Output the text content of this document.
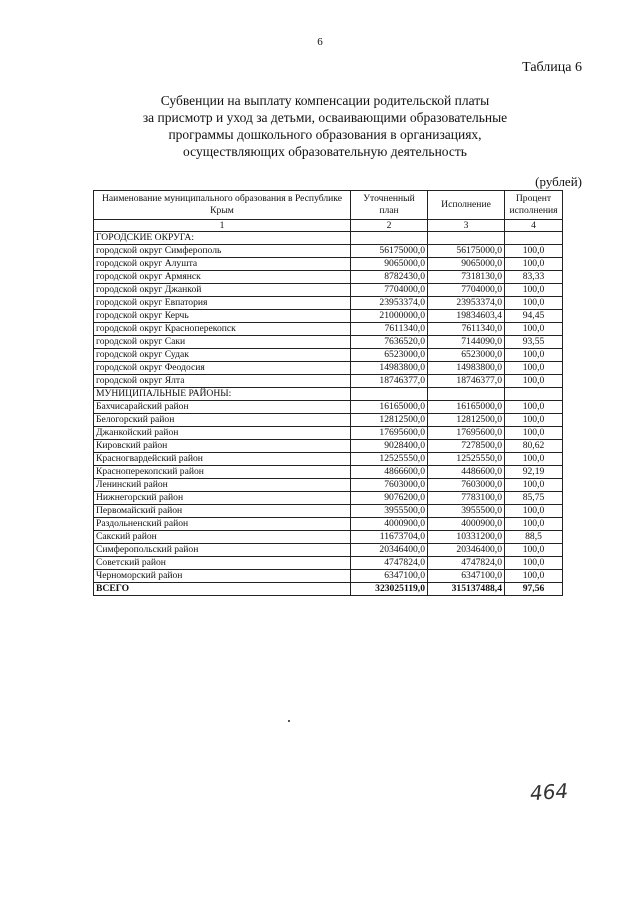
6
Таблица 6
Субвенции на выплату компенсации родительской платы
за присмотр и уход за детьми, осваивающими образовательные
программы дошкольного образования в организациях,
осуществляющих образовательную деятельность
(рублей)
Наименование муниципального образования в Республике Крым	Уточненный план	Исполнение	Процент исполнения
1	2	3	4
ГОРОДСКИЕ ОКРУГА:			
городской округ Симферополь	56175000,0	56175000,0	100,0
городской округ Алушта	9065000,0	9065000,0	100,0
городской округ Армянск	8782430,0	7318130,0	83,33
городской округ Джанкой	7704000,0	7704000,0	100,0
городской округ Евпатория	23953374,0	23953374,0	100,0
городской округ Керчь	21000000,0	19834603,4	94,45
городской округ Красноперекопск	7611340,0	7611340,0	100,0
городской округ Саки	7636520,0	7144090,0	93,55
городской округ Судак	6523000,0	6523000,0	100,0
городской округ Феодосия	14983800,0	14983800,0	100,0
городской округ Ялта	18746377,0	18746377,0	100,0
МУНИЦИПАЛЬНЫЕ РАЙОНЫ:			
Бахчисарайский район	16165000,0	16165000,0	100,0
Белогорский район	12812500,0	12812500,0	100,0
Джанкойский район	17695600,0	17695600,0	100,0
Кировский район	9028400,0	7278500,0	80,62
Красногвардейский район	12525550,0	12525550,0	100,0
Красноперекопский район	4866600,0	4486600,0	92,19
Ленинский район	7603000,0	7603000,0	100,0
Нижнегорский район	9076200,0	7783100,0	85,75
Первомайский район	3955500,0	3955500,0	100,0
Раздольненский район	4000900,0	4000900,0	100,0
Сакский район	11673704,0	10331200,0	88,5
Симферопольский район	20346400,0	20346400,0	100,0
Советский район	4747824,0	4747824,0	100,0
Черноморский район	6347100,0	6347100,0	100,0
ВСЕГО	323025119,0	315137488,4	97,56
464
